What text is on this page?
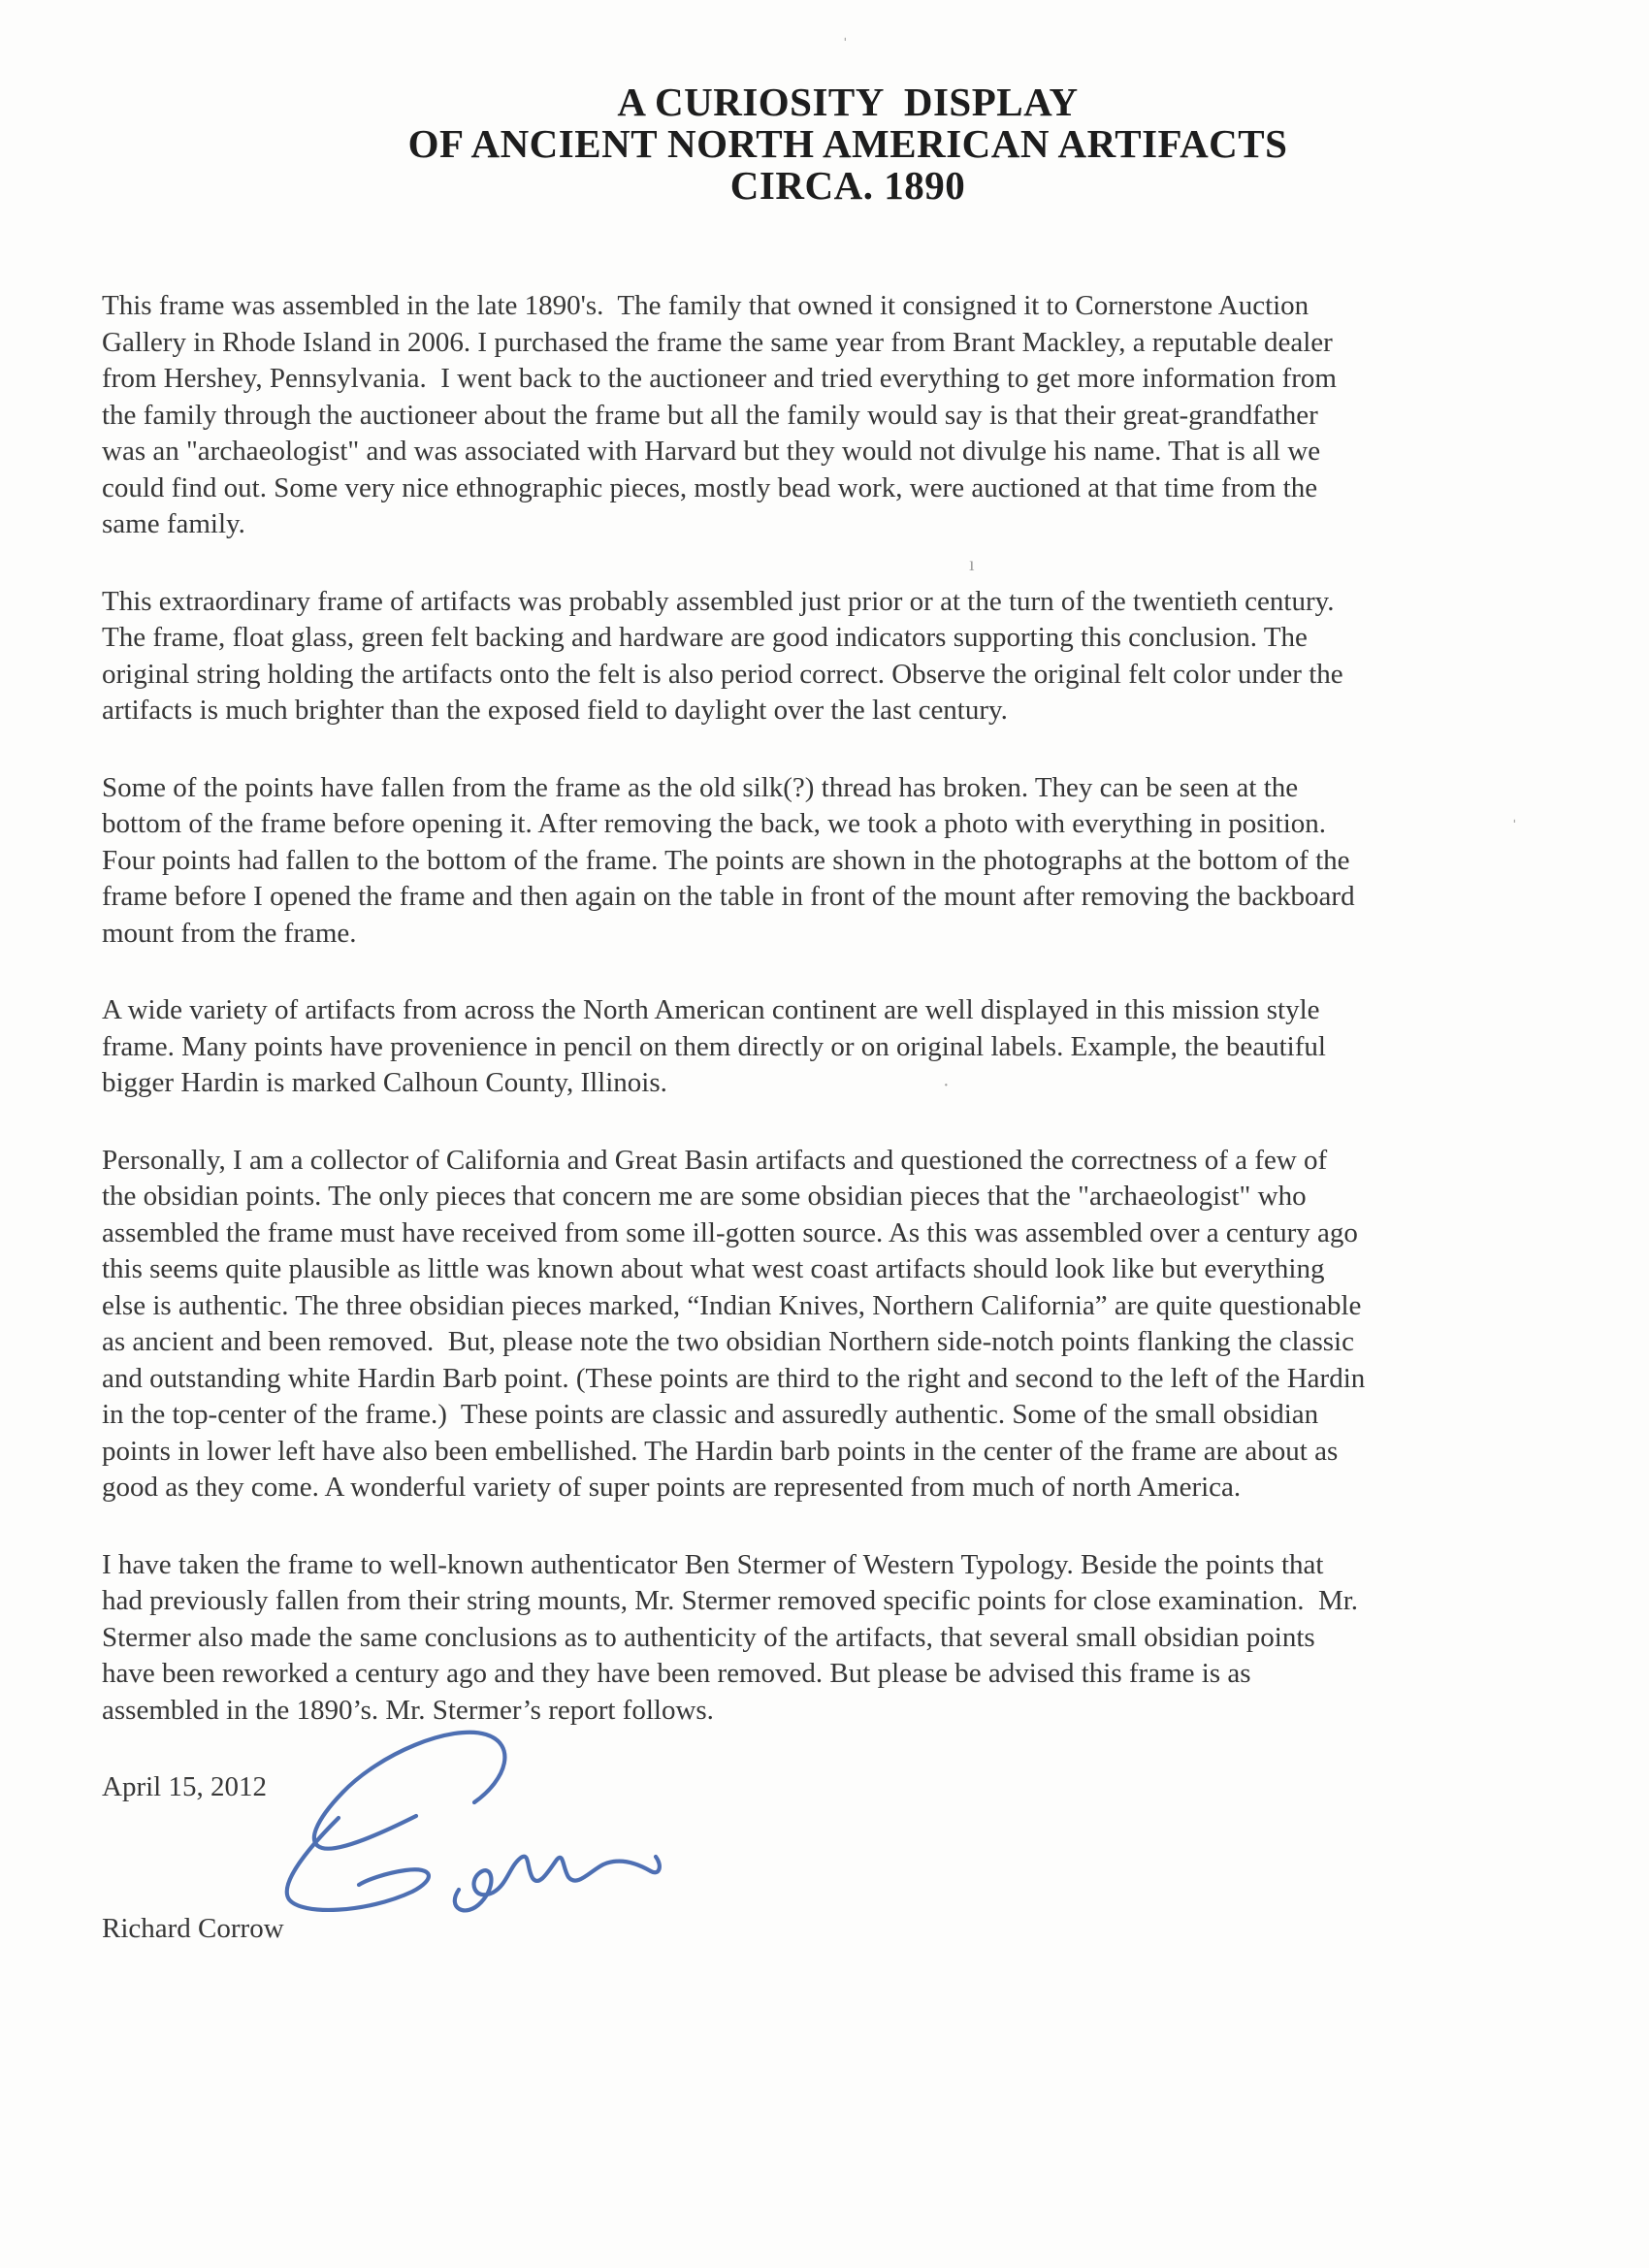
A CURIOSITY  DISPLAY
OF ANCIENT NORTH AMERICAN ARTIFACTS
CIRCA. 1890
This frame was assembled in the late 1890's.  The family that owned it consigned it to Cornerstone Auction
Gallery in Rhode Island in 2006. I purchased the frame the same year from Brant Mackley, a reputable dealer
from Hershey, Pennsylvania.  I went back to the auctioneer and tried everything to get more information from
the family through the auctioneer about the frame but all the family would say is that their great-grandfather
was an "archaeologist" and was associated with Harvard but they would not divulge his name. That is all we
could find out. Some very nice ethnographic pieces, mostly bead work, were auctioned at that time from the
same family.
This extraordinary frame of artifacts was probably assembled just prior or at the turn of the twentieth century.
The frame, float glass, green felt backing and hardware are good indicators supporting this conclusion. The
original string holding the artifacts onto the felt is also period correct. Observe the original felt color under the
artifacts is much brighter than the exposed field to daylight over the last century.
Some of the points have fallen from the frame as the old silk(?) thread has broken. They can be seen at the
bottom of the frame before opening it. After removing the back, we took a photo with everything in position.
Four points had fallen to the bottom of the frame. The points are shown in the photographs at the bottom of the
frame before I opened the frame and then again on the table in front of the mount after removing the backboard
mount from the frame.
A wide variety of artifacts from across the North American continent are well displayed in this mission style
frame. Many points have provenience in pencil on them directly or on original labels. Example, the beautiful
bigger Hardin is marked Calhoun County, Illinois.
Personally, I am a collector of California and Great Basin artifacts and questioned the correctness of a few of
the obsidian points. The only pieces that concern me are some obsidian pieces that the "archaeologist" who
assembled the frame must have received from some ill-gotten source. As this was assembled over a century ago
this seems quite plausible as little was known about what west coast artifacts should look like but everything
else is authentic. The three obsidian pieces marked, “Indian Knives, Northern California” are quite questionable
as ancient and been removed.  But, please note the two obsidian Northern side-notch points flanking the classic
and outstanding white Hardin Barb point. (These points are third to the right and second to the left of the Hardin
in the top-center of the frame.)  These points are classic and assuredly authentic. Some of the small obsidian
points in lower left have also been embellished. The Hardin barb points in the center of the frame are about as
good as they come. A wonderful variety of super points are represented from much of north America.
I have taken the frame to well-known authenticator Ben Stermer of Western Typology. Beside the points that
had previously fallen from their string mounts, Mr. Stermer removed specific points for close examination.  Mr.
Stermer also made the same conclusions as to authenticity of the artifacts, that several small obsidian points
have been reworked a century ago and they have been removed. But please be advised this frame is as
assembled in the 1890’s. Mr. Stermer’s report follows.
April 15, 2012
Richard Corrow
ˈ
ı
·
ˈ
